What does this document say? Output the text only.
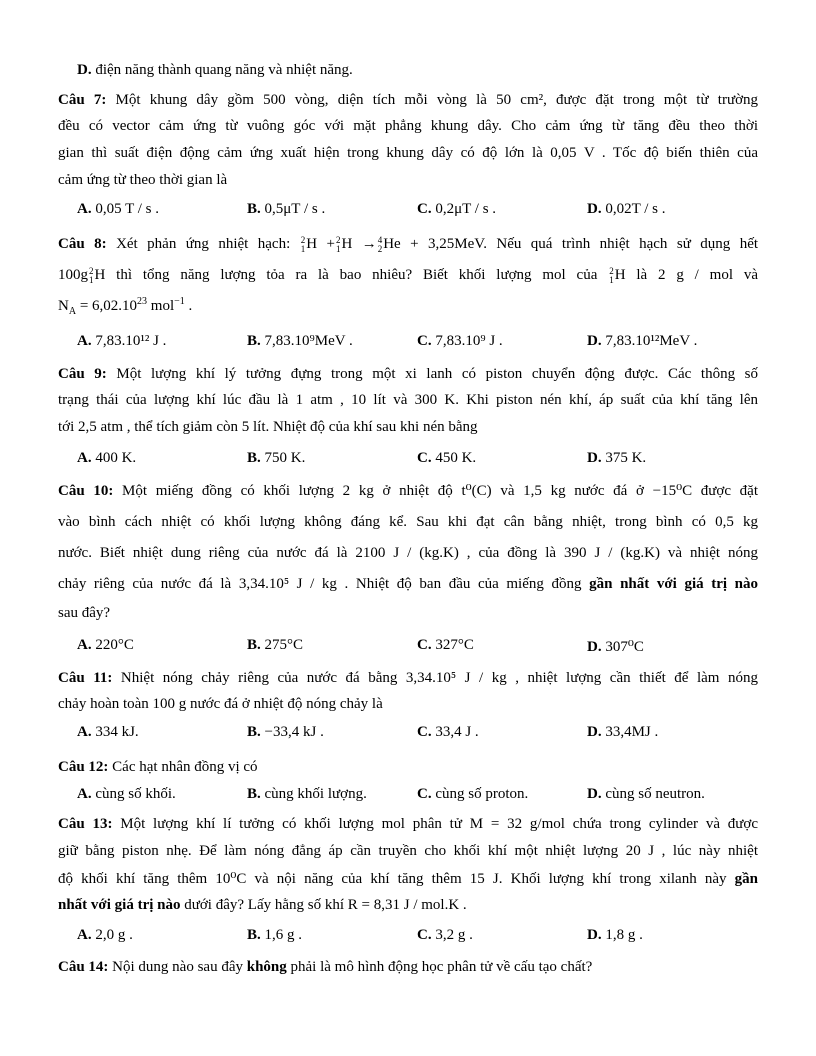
D. điện năng thành quang năng và nhiệt năng.
Câu 7: Một khung dây gồm 500 vòng, diện tích mỗi vòng là 50 cm², được đặt trong một từ trường
đều có vector cảm ứng từ vuông góc với mặt phẳng khung dây. Cho cảm ứng từ tăng đều theo thời
gian thì suất điện động cảm ứng xuất hiện trong khung dây có độ lớn là 0,05 V . Tốc độ biến thiên của
cảm ứng từ theo thời gian là
A. 0,05 T / s .	B. 0,5μT / s .	C. 0,2μT / s .	D. 0,02T / s .
Câu 8: Xét phản ứng nhiệt hạch: 2
1H +2
1H →4
2He + 3,25MeV. Nếu quá trình nhiệt hạch sử dụng hết
100g2
1H thì tổng năng lượng tỏa ra là bao nhiêu? Biết khối lượng mol của 2
1H là 2 g / mol và
$N_A = 6,02.10^{23}$ mol$^{-1}$ .
A. 7,83.10¹² J .	B. 7,83.10⁹MeV .	C. 7,83.10⁹ J .	D. 7,83.10¹²MeV .
Câu 9: Một lượng khí lý tưởng đựng trong một xi lanh có piston chuyển động được. Các thông số
trạng thái của lượng khí lúc đầu là 1 atm , 10 lít và 300 K. Khi piston nén khí, áp suất của khí tăng lên
tới 2,5 atm , thể tích giảm còn 5 lít. Nhiệt độ của khí sau khi nén bằng
A. 400 K.	B. 750 K.	C. 450 K.	D. 375 K.
Câu 10: Một miếng đồng có khối lượng 2 kg ở nhiệt độ t⁰(C) và 1,5 kg nước đá ở −15⁰C được đặt
vào bình cách nhiệt có khối lượng không đáng kể. Sau khi đạt cân bằng nhiệt, trong bình có 0,5 kg
nước. Biết nhiệt dung riêng của nước đá là 2100 J / (kg.K) , của đồng là 390 J / (kg.K) và nhiệt nóng
chảy riêng của nước đá là 3,34.10⁵ J / kg . Nhiệt độ ban đầu của miếng đồng gần nhất với giá trị nào
sau đây?
A. 220°C	B. 275°C	C. 327°C	D. 307⁰C
Câu 11: Nhiệt nóng chảy riêng của nước đá bằng 3,34.10⁵ J / kg , nhiệt lượng cần thiết để làm nóng
chảy hoàn toàn 100 g nước đá ở nhiệt độ nóng chảy là
A. 334 kJ.	B. −33,4 kJ .	C. 33,4 J .	D. 33,4MJ .
Câu 12: Các hạt nhân đồng vị có
A. cùng số khối.	B. cùng khối lượng.	C. cùng số proton.	D. cùng số neutron.
Câu 13: Một lượng khí lí tưởng có khối lượng mol phân tử M = 32 g/mol chứa trong cylinder và được
giữ bằng piston nhẹ. Để làm nóng đẳng áp cần truyền cho khối khí một nhiệt lượng 20 J , lúc này nhiệt
độ khối khí tăng thêm 10⁰C và nội năng của khí tăng thêm 15 J. Khối lượng khí trong xilanh này gần
nhất với giá trị nào dưới đây? Lấy hằng số khí R = 8,31 J / mol.K .
A. 2,0 g .	B. 1,6 g .	C. 3,2 g .	D. 1,8 g .
Câu 14: Nội dung nào sau đây không phải là mô hình động học phân tử về cấu tạo chất?
